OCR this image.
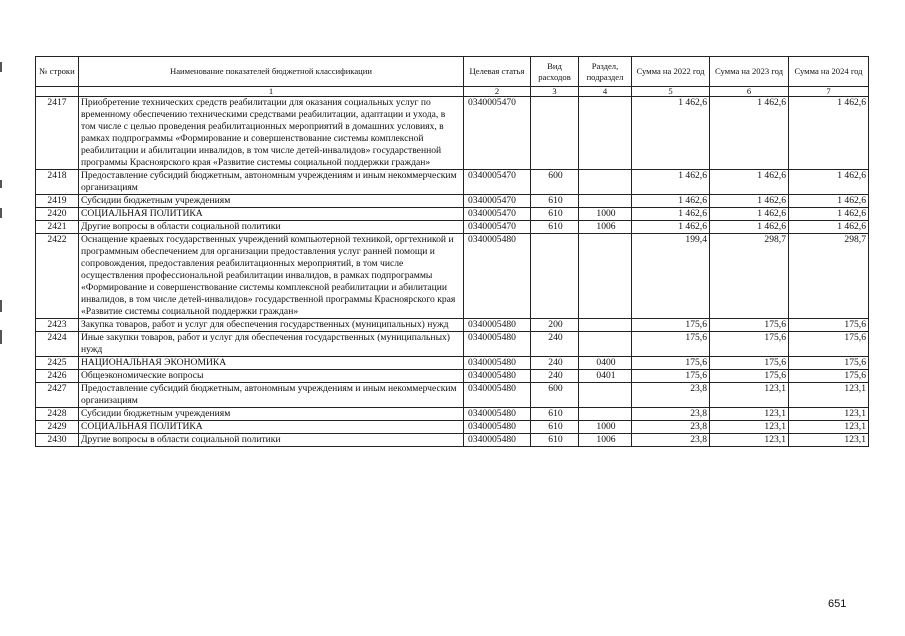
№ строки	Наименование показателей бюджетной классификации	Целевая статья	Вид расходов	Раздел, подраздел	Сумма на 2022 год	Сумма на 2023 год	Сумма на 2024 год
	1	2	3	4	5	6	7
2417	Приобретение технических средств реабилитации для оказания социальных услуг по временному обеспечению техническими средствами реабилитации, адаптации и ухода, в том числе с целью проведения реабилитационных мероприятий в домашних условиях, в рамках подпрограммы «Формирование и совершенствование системы комплексной реабилитации и абилитации инвалидов, в том числе детей-инвалидов» государственной программы Красноярского края «Развитие системы социальной поддержки граждан»	0340005470			1 462,6	1 462,6	1 462,6
2418	Предоставление субсидий бюджетным, автономным учреждениям и иным некоммерческим организациям	0340005470	600		1 462,6	1 462,6	1 462,6
2419	Субсидии бюджетным учреждениям	0340005470	610		1 462,6	1 462,6	1 462,6
2420	СОЦИАЛЬНАЯ ПОЛИТИКА	0340005470	610	1000	1 462,6	1 462,6	1 462,6
2421	Другие вопросы в области социальной политики	0340005470	610	1006	1 462,6	1 462,6	1 462,6
2422	Оснащение краевых государственных учреждений компьютерной техникой, оргтехникой и программным обеспечением для организации предоставления услуг ранней помощи и сопровождения, предоставления реабилитационных мероприятий, в том числе осуществления профессиональной реабилитации инвалидов, в рамках подпрограммы «Формирование и совершенствование системы комплексной реабилитации и абилитации инвалидов, в том числе детей-инвалидов» государственной программы Красноярского края «Развитие системы социальной поддержки граждан»	0340005480			199,4	298,7	298,7
2423	Закупка товаров, работ и услуг для обеспечения государственных (муниципальных) нужд	0340005480	200		175,6	175,6	175,6
2424	Иные закупки товаров, работ и услуг для обеспечения государственных (муниципальных) нужд	0340005480	240		175,6	175,6	175,6
2425	НАЦИОНАЛЬНАЯ ЭКОНОМИКА	0340005480	240	0400	175,6	175,6	175,6
2426	Общеэкономические вопросы	0340005480	240	0401	175,6	175,6	175,6
2427	Предоставление субсидий бюджетным, автономным учреждениям и иным некоммерческим организациям	0340005480	600		23,8	123,1	123,1
2428	Субсидии бюджетным учреждениям	0340005480	610		23,8	123,1	123,1
2429	СОЦИАЛЬНАЯ ПОЛИТИКА	0340005480	610	1000	23,8	123,1	123,1
2430	Другие вопросы в области социальной политики	0340005480	610	1006	23,8	123,1	123,1
651
